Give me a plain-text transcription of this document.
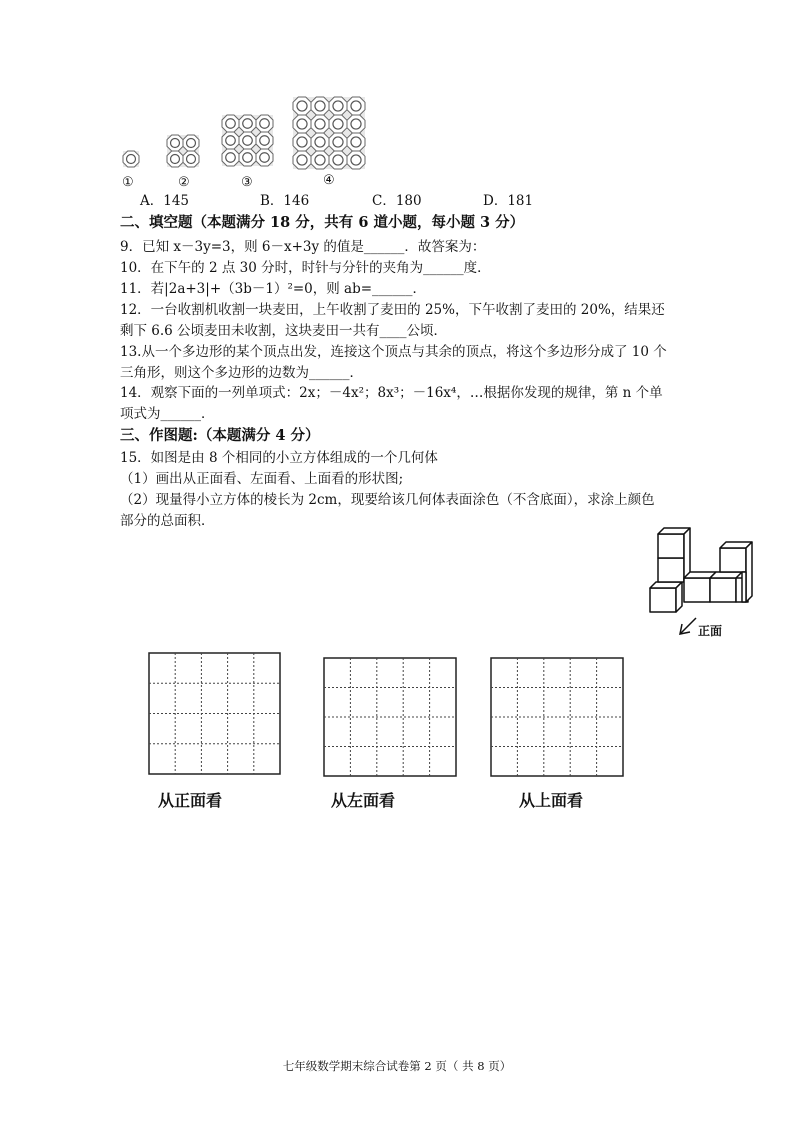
①	②	③	④
A．145	B．146	C．180	D．181
二、填空题（本题满分 18 分，共有 6 道小题，每小题 3 分）
9．已知 x－3y=3，则 6－x+3y 的值是______．故答案为：
10．在下午的 2 点 30 分时，时针与分针的夹角为______度．
11．若|2a+3|+（3b－1）²=0，则 ab=______．
12．一台收割机收割一块麦田，上午收割了麦田的 25%，下午收割了麦田的 20%，结果还
剩下 6.6 公顷麦田未收割，这块麦田一共有____公顷．
13.从一个多边形的某个顶点出发，连接这个顶点与其余的顶点，将这个多边形分成了 10 个
三角形，则这个多边形的边数为______．
14．观察下面的一列单项式：2x；－4x²；8x³；－16x⁴，…根据你发现的规律，第 n 个单
项式为______．
三、作图题:（本题满分 4 分）
15．如图是由 8 个相同的小立方体组成的一个几何体
（1）画出从正面看、左面看、上面看的形状图;
（2）现量得小立方体的棱长为 2cm，现要给该几何体表面涂色（不含底面），求涂上颜色
部分的总面积．
正面
从正面看	从左面看	从上面看
七年级数学期末综合试卷第 2 页（ 共 8 页）
